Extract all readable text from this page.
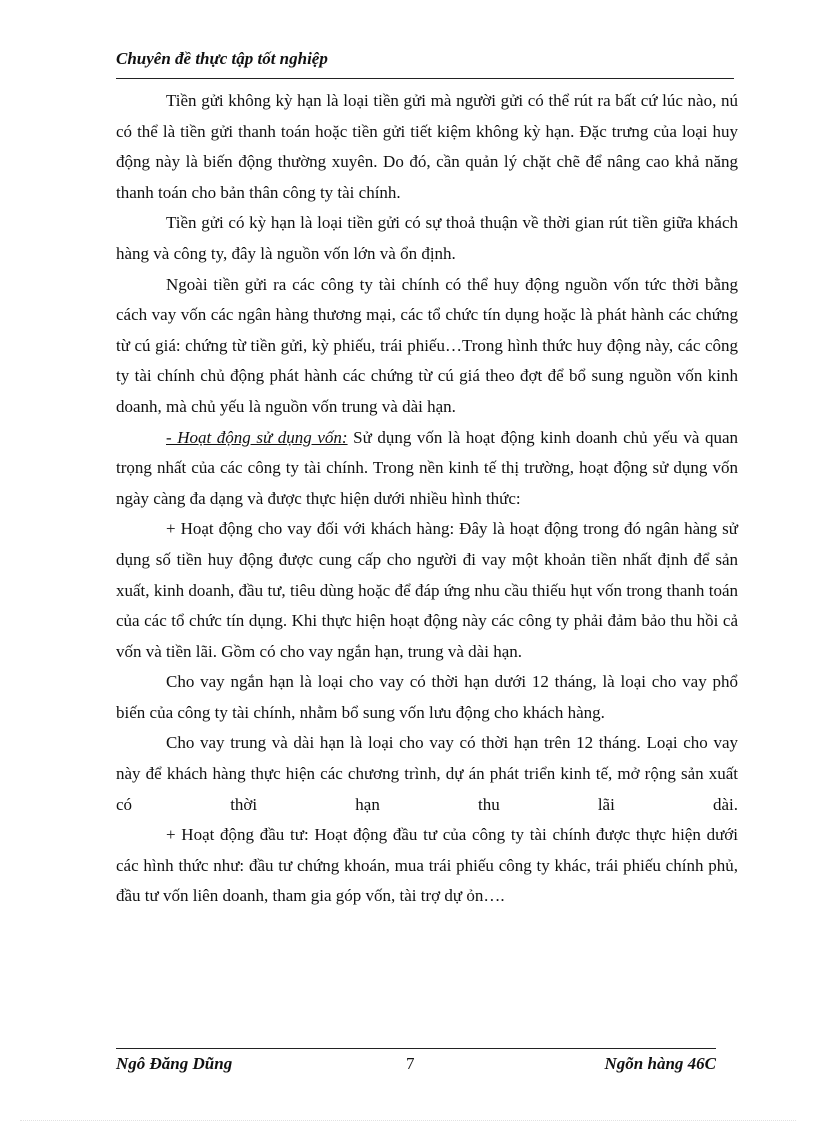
Chuyên đề thực tập tốt nghiệp

Tiền gửi không kỳ hạn là loại tiền gửi mà người gửi có thể rút ra bất cứ lúc nào, nú có thể là tiền gửi thanh toán hoặc tiền gửi tiết kiệm không kỳ hạn. Đặc trưng của loại huy động này là biến động thường xuyên. Do đó, cần quản lý chặt chẽ để nâng cao khả năng thanh toán cho bản thân công ty tài chính.

Tiền gửi có kỳ hạn là loại tiền gửi có sự thoả thuận về thời gian rút tiền giữa khách hàng và công ty, đây là nguồn vốn lớn và ổn định.

Ngoài tiền gửi ra các công ty tài chính có thể huy động nguồn vốn tức thời bằng cách vay vốn các ngân hàng thương mại, các tổ chức tín dụng hoặc là phát hành các chứng từ cú giá: chứng từ tiền gửi, kỳ phiếu, trái phiếu…Trong hình thức huy động này, các công ty tài chính chủ động phát hành các chứng từ cú giá theo đợt để bổ sung nguồn vốn kinh doanh, mà chủ yếu là nguồn vốn trung và dài hạn.

- Hoạt động sử dụng vốn: Sử dụng vốn là hoạt động kinh doanh chủ yếu và quan trọng nhất của các công ty tài chính. Trong nền kinh tế thị trường, hoạt động sử dụng vốn ngày càng đa dạng và được thực hiện dưới nhiều hình thức:

+ Hoạt động cho vay đối với khách hàng: Đây là hoạt động trong đó ngân hàng sử dụng số tiền huy động được cung cấp cho người đi vay một khoản tiền nhất định để sản xuất, kinh doanh, đầu tư, tiêu dùng hoặc để đáp ứng nhu cầu thiếu hụt vốn trong thanh toán của các tổ chức tín dụng. Khi thực hiện hoạt động này các công ty phải đảm bảo thu hồi cả vốn và tiền lãi. Gồm có cho vay ngắn hạn, trung và dài hạn.

Cho vay ngắn hạn là loại cho vay có thời hạn dưới 12 tháng, là loại cho vay phổ biến của công ty tài chính, nhằm bổ sung vốn lưu động cho khách hàng.

Cho vay trung và dài hạn là loại cho vay có thời hạn trên 12 tháng. Loại cho vay này để khách hàng thực hiện các chương trình, dự án phát triển kinh tế, mở rộng sản xuất có thời hạn thu lãi dài.

+ Hoạt động đầu tư: Hoạt động đầu tư của công ty tài chính được thực hiện dưới các hình thức như: đầu tư chứng khoán, mua trái phiếu công ty khác, trái phiếu chính phủ, đầu tư vốn liên doanh, tham gia góp vốn, tài trợ dự ỏn….

Ngô Đăng Dũng	7	Ngõn hàng 46C
